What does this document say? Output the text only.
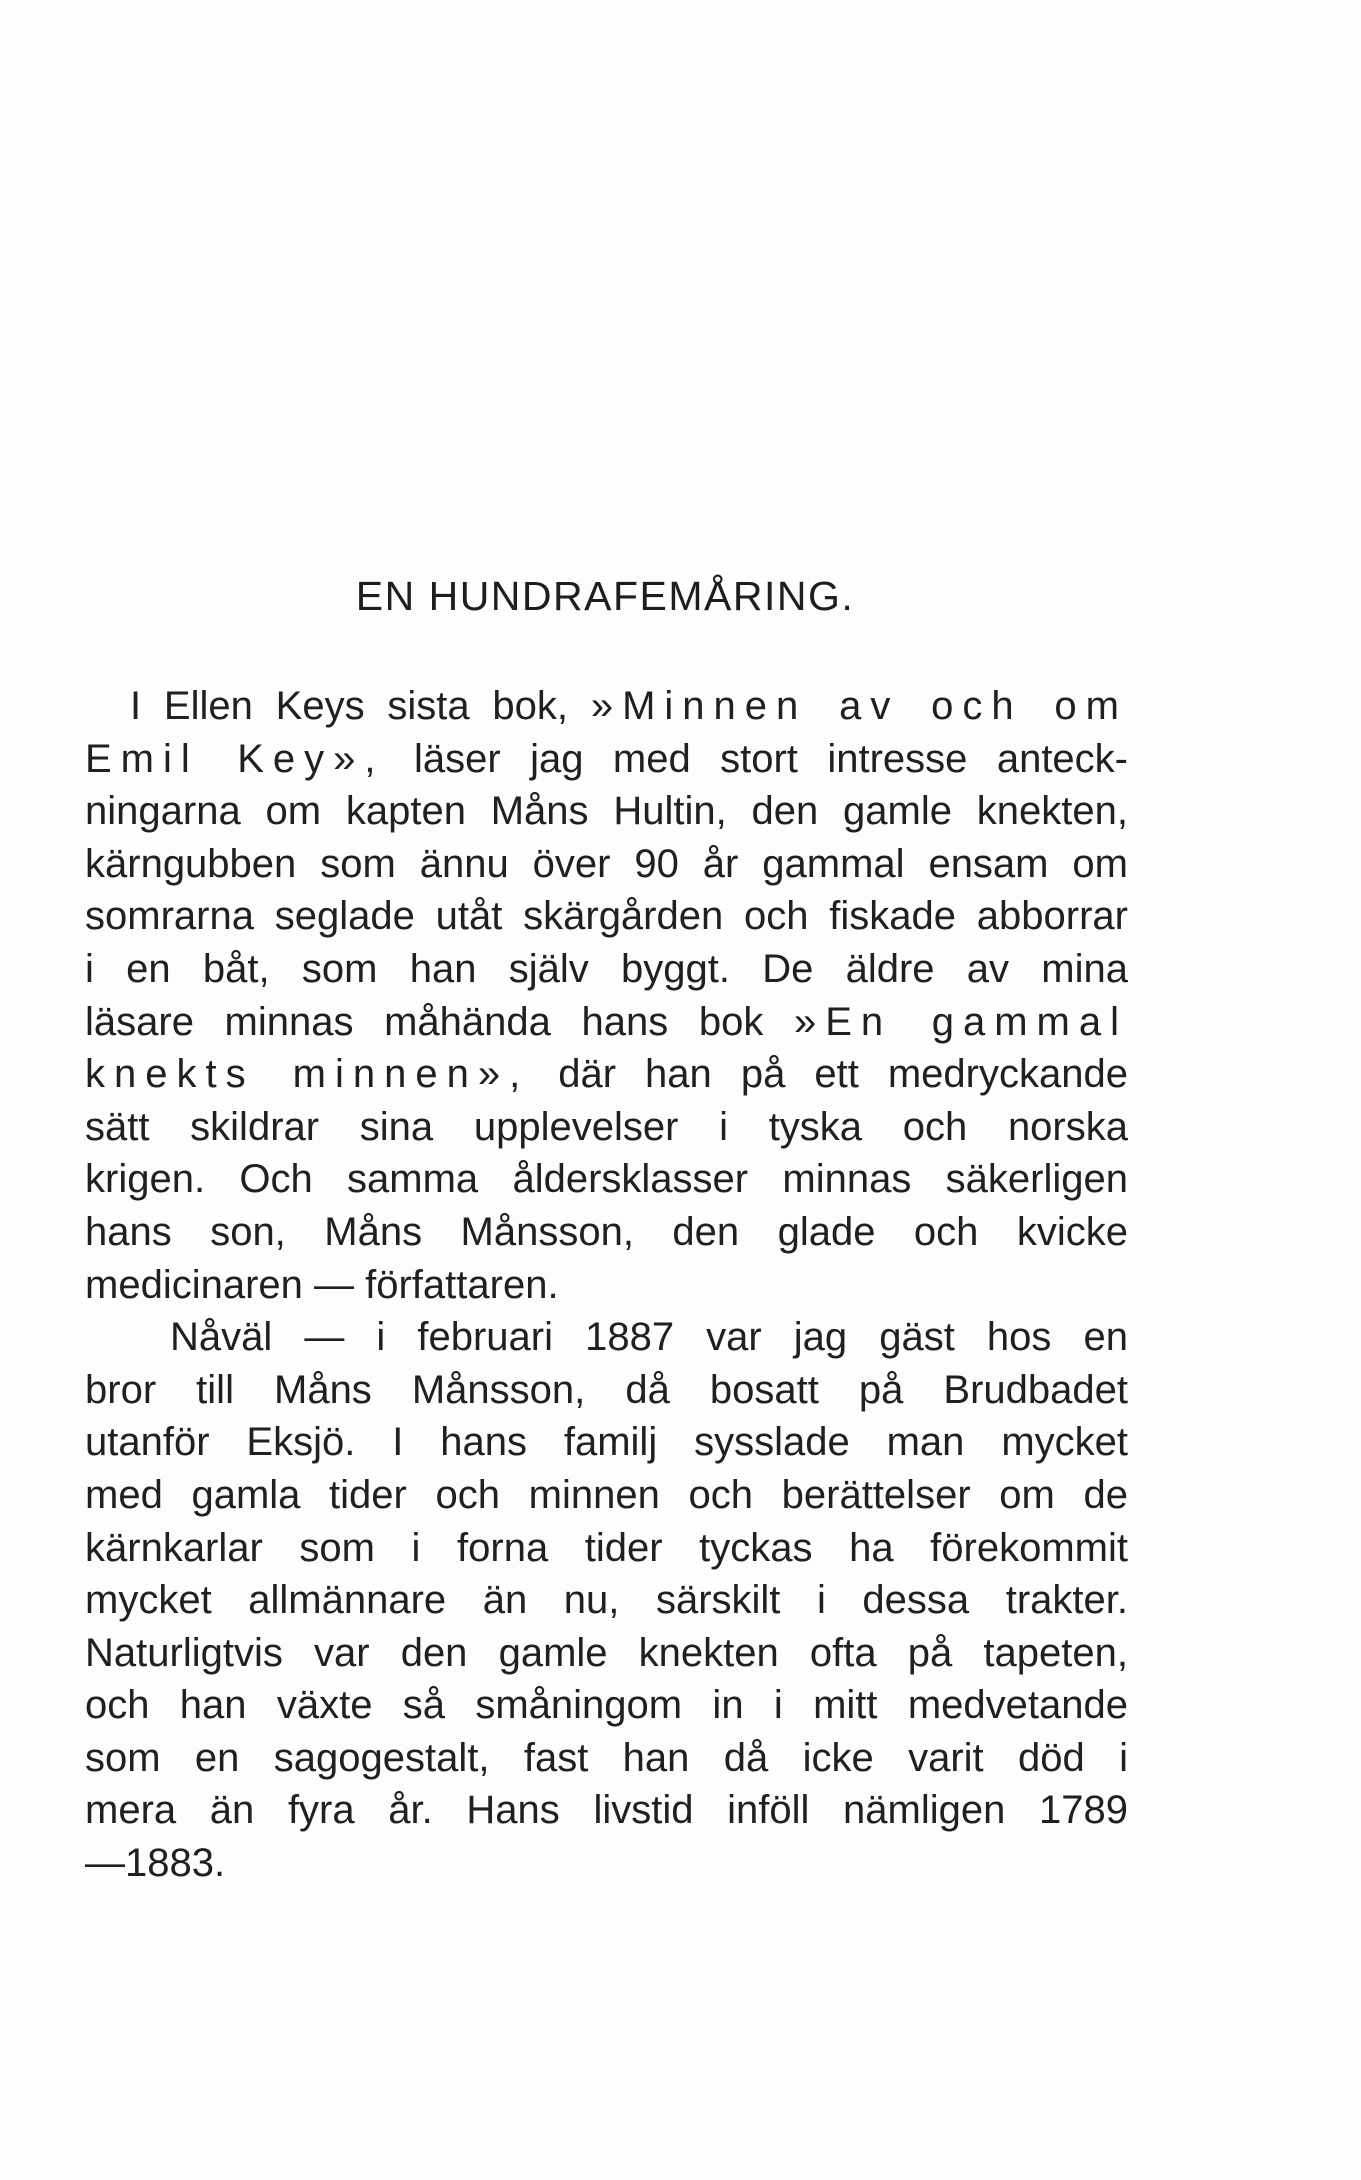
EN HUNDRAFEMÅRING.
I Ellen Keys sista bok, »Minnen av och om
Emil Key», läser jag med stort intresse anteck-
ningarna om kapten Måns Hultin, den gamle knekten,
kärngubben som ännu över 90 år gammal ensam om
somrarna seglade utåt skärgården och fiskade abborrar
i en båt, som han själv byggt. De äldre av mina
läsare minnas måhända hans bok »En gammal
knekts minnen», där han på ett medryckande
sätt skildrar sina upplevelser i tyska och norska
krigen. Och samma åldersklasser minnas säkerligen
hans son, Måns Månsson, den glade och kvicke
medicinaren — författaren.
Nåväl — i februari 1887 var jag gäst hos en
bror till Måns Månsson, då bosatt på Brudbadet
utanför Eksjö. I hans familj sysslade man mycket
med gamla tider och minnen och berättelser om de
kärnkarlar som i forna tider tyckas ha förekommit
mycket allmännare än nu, särskilt i dessa trakter.
Naturligtvis var den gamle knekten ofta på tapeten,
och han växte så småningom in i mitt medvetande
som en sagogestalt, fast han då icke varit död i
mera än fyra år. Hans livstid inföll nämligen 1789
—1883.
